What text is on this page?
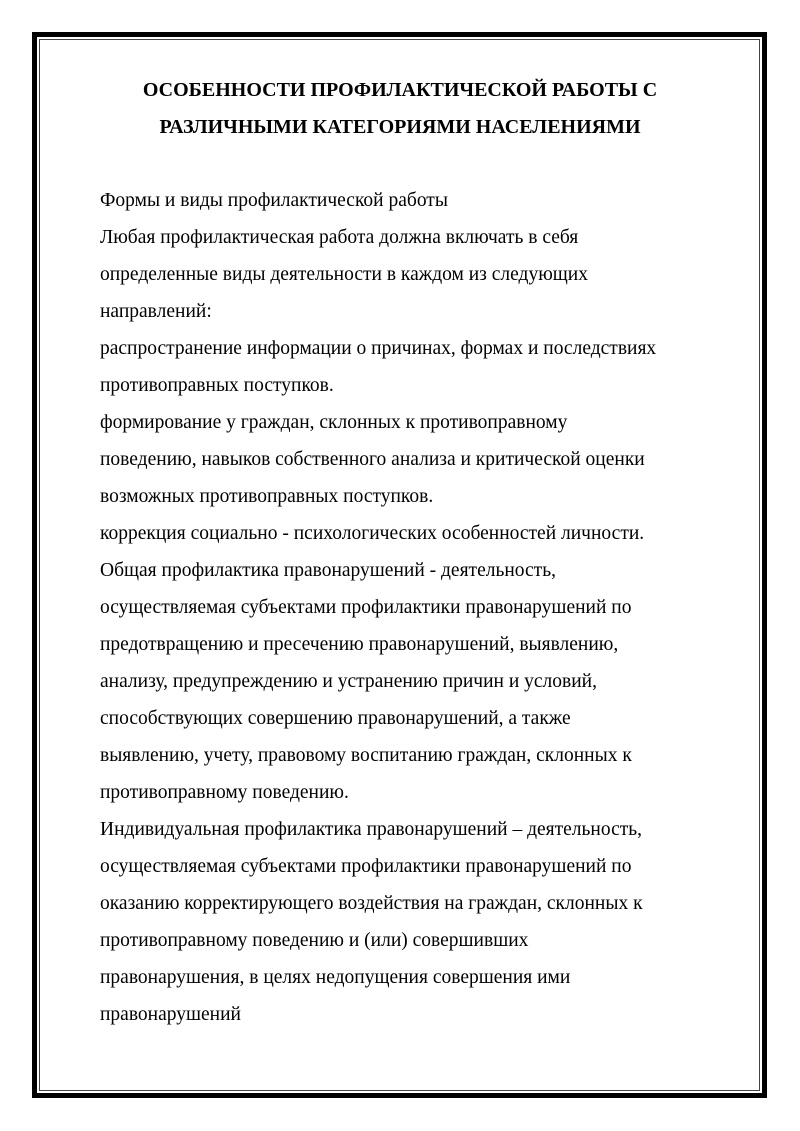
ОСОБЕННОСТИ ПРОФИЛАКТИЧЕСКОЙ РАБОТЫ С
РАЗЛИЧНЫМИ КАТЕГОРИЯМИ НАСЕЛЕНИЯМИ
Формы и виды профилактической работы
Любая профилактическая работа должна включать в себя
определенные виды деятельности в каждом из следующих
направлений:
распространение информации о причинах, формах и последствиях
противоправных поступков.
формирование у граждан, склонных к противоправному
поведению, навыков собственного анализа и критической оценки
возможных противоправных поступков.
коррекция социально - психологических особенностей личности.
Общая профилактика правонарушений - деятельность,
осуществляемая субъектами профилактики правонарушений по
предотвращению и пресечению правонарушений, выявлению,
анализу, предупреждению и устранению причин и условий,
способствующих совершению правонарушений, а также
выявлению, учету, правовому воспитанию граждан, склонных к
противоправному поведению.
Индивидуальная профилактика правонарушений – деятельность,
осуществляемая субъектами профилактики правонарушений по
оказанию корректирующего воздействия на граждан, склонных к
противоправному поведению и (или) совершивших
правонарушения, в целях недопущения совершения ими
правонарушений
